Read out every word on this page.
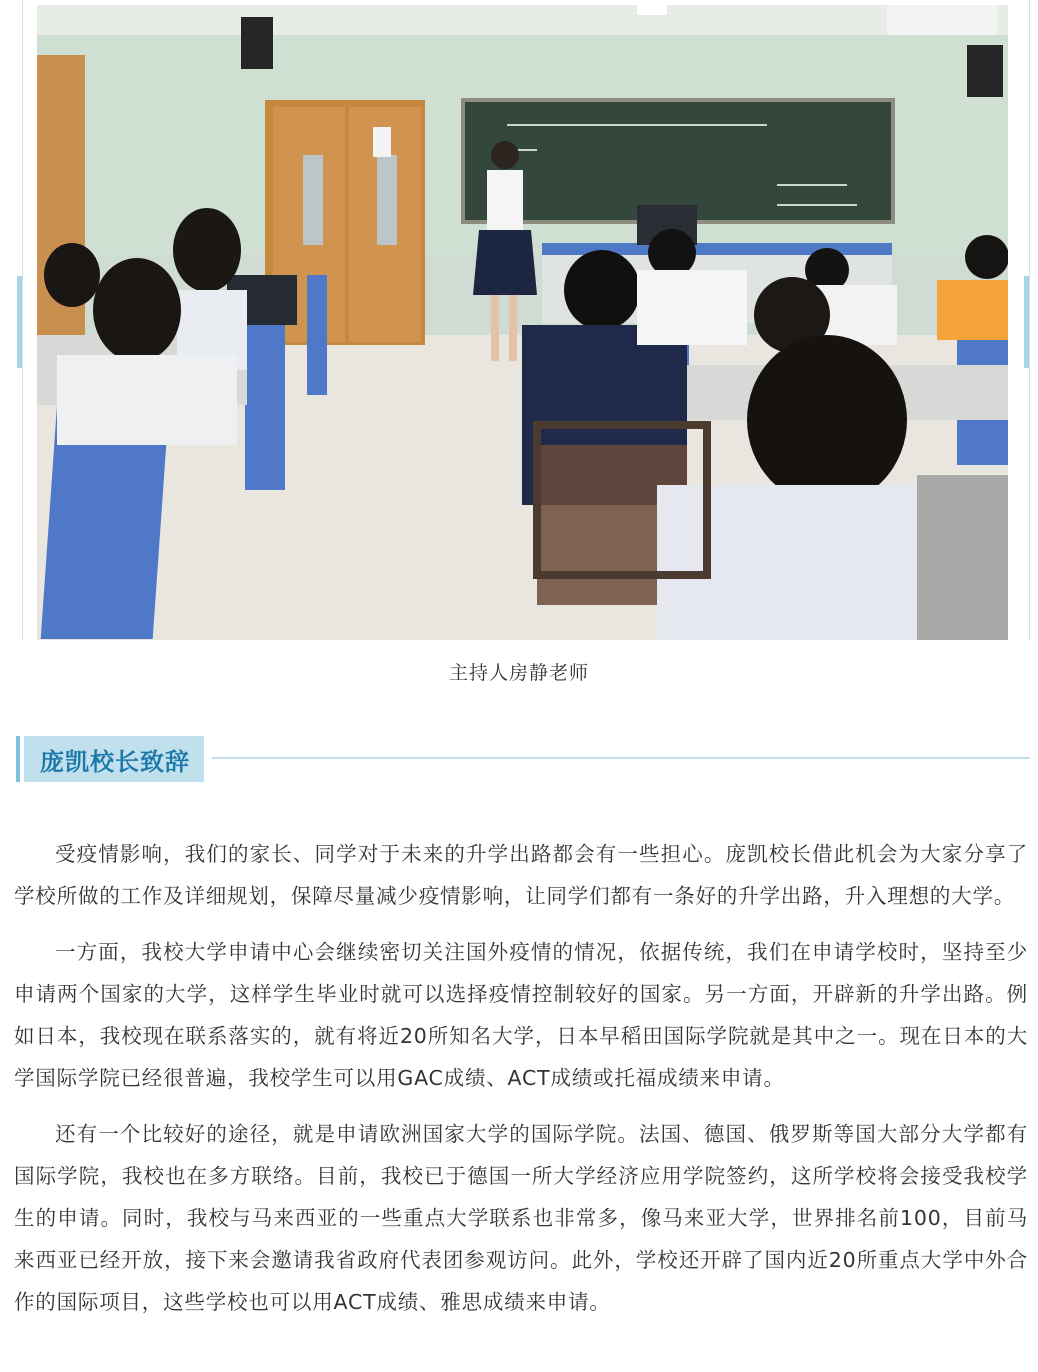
主持人房静老师
庞凯校长致辞

受疫情影响，我们的家长、同学对于未来的升学出路都会有一些担心。庞凯校长借此机会为大家分享了学校所做的工作及详细规划，保障尽量减少疫情影响，让同学们都有一条好的升学出路，升入理想的大学。

一方面，我校大学申请中心会继续密切关注国外疫情的情况，依据传统，我们在申请学校时，坚持至少申请两个国家的大学，这样学生毕业时就可以选择疫情控制较好的国家。另一方面，开辟新的升学出路。例如日本，我校现在联系落实的，就有将近20所知名大学，日本早稻田国际学院就是其中之一。现在日本的大学国际学院已经很普遍，我校学生可以用GAC成绩、ACT成绩或托福成绩来申请。

还有一个比较好的途径，就是申请欧洲国家大学的国际学院。法国、德国、俄罗斯等国大部分大学都有国际学院，我校也在多方联络。目前，我校已于德国一所大学经济应用学院签约，这所学校将会接受我校学生的申请。同时，我校与马来西亚的一些重点大学联系也非常多，像马来亚大学，世界排名前100，目前马来西亚已经开放，接下来会邀请我省政府代表团参观访问。此外，学校还开辟了国内近20所重点大学中外合作的国际项目，这些学校也可以用ACT成绩、雅思成绩来申请。
